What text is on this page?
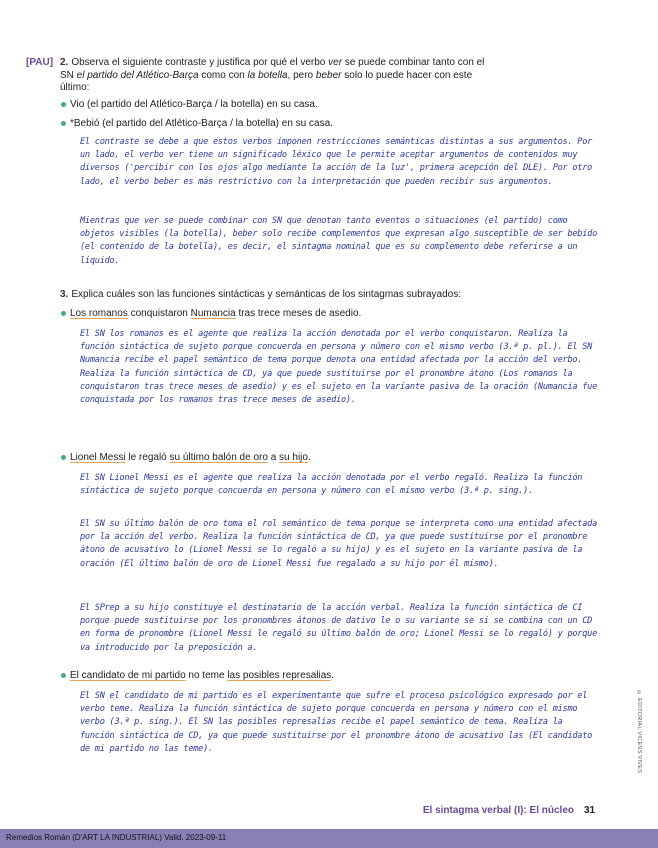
[PAU] 2. Observa el siguiente contraste y justifica por qué el verbo ver se puede combinar tanto con el SN el partido del Atlético-Barça como con la botella, pero beber solo lo puede hacer con este último:
Vio (el partido del Atlético-Barça / la botella) en su casa.
*Bebió (el partido del Atlético-Barça / la botella) en su casa.

El contraste se debe a que estos verbos imponen restricciones semánticas distintas a sus argumentos. Por un lado, el verbo ver tiene un significado léxico que le permite aceptar argumentos de contenidos muy diversos ('percibir con los ojos algo mediante la acción de la luz', primera acepción del DLE). Por otro lado, el verbo beber es más restrictivo con la interpretación que pueden recibir sus argumentos.

Mientras que ver se puede combinar con SN que denotan tanto eventos o situaciones (el partido) como objetos visibles (la botella), beber solo recibe complementos que expresan algo susceptible de ser bebido (el contenido de la botella), es decir, el sintagma nominal que es su complemento debe referirse a un líquido.

3. Explica cuáles son las funciones sintácticas y semánticas de los sintagmas subrayados:
Los romanos conquistaron Numancia tras trece meses de asedio.

El SN los romanos es el agente que realiza la acción denotada por el verbo conquistaron. Realiza la función sintáctica de sujeto porque concuerda en persona y número con el mismo verbo (3.ª p. pl.). El SN Numancia recibe el papel semántico de tema porque denota una entidad afectada por la acción del verbo. Realiza la función sintáctica de CD, ya que puede sustituirse por el pronombre átono (Los romanos la conquistaron tras trece meses de asedio) y es el sujeto en la variante pasiva de la oración (Numancia fue conquistada por los romanos tras trece meses de asedio).

Lionel Messi le regaló su último balón de oro a su hijo.

El SN Lionel Messi es el agente que realiza la acción denotada por el verbo regaló. Realiza la función sintáctica de sujeto porque concuerda en persona y número con el mismo verbo (3.ª p. sing.).

El SN su último balón de oro toma el rol semántico de tema porque se interpreta como una entidad afectada por la acción del verbo. Realiza la función sintáctica de CD, ya que puede sustituirse por el pronombre átono de acusativo lo (Lionel Messi se lo regaló a su hijo) y es el sujeto en la variante pasiva de la oración (El último balón de oro de Lionel Messi fue regalado a su hijo por él mismo).

El SPrep a su hijo constituye el destinatario de la acción verbal. Realiza la función sintáctica de CI porque puede sustituirse por los pronombres átonos de dativo le o su variante se si se combina con un CD en forma de pronombre (Lionel Messi le regaló su último balón de oro; Lionel Messi se lo regaló) y porque va introducido por la preposición a.

El candidato de mi partido no teme las posibles represalias.

El SN el candidato de mi partido es el experimentante que sufre el proceso psicológico expresado por el verbo teme. Realiza la función sintáctica de sujeto porque concuerda en persona y número con el mismo verbo (3.ª p. sing.). El SN las posibles represalias recibe el papel semántico de tema. Realiza la función sintáctica de CD, ya que puede sustituirse por el pronombre átono de acusativo las (El candidato de mi partido no las teme).	© EDITORIAL VICENS VIVES
El sintagma verbal (I): El núcleo 31
Remedios Román (D'ART LA INDUSTRIAL) Valid. 2023-09-11
